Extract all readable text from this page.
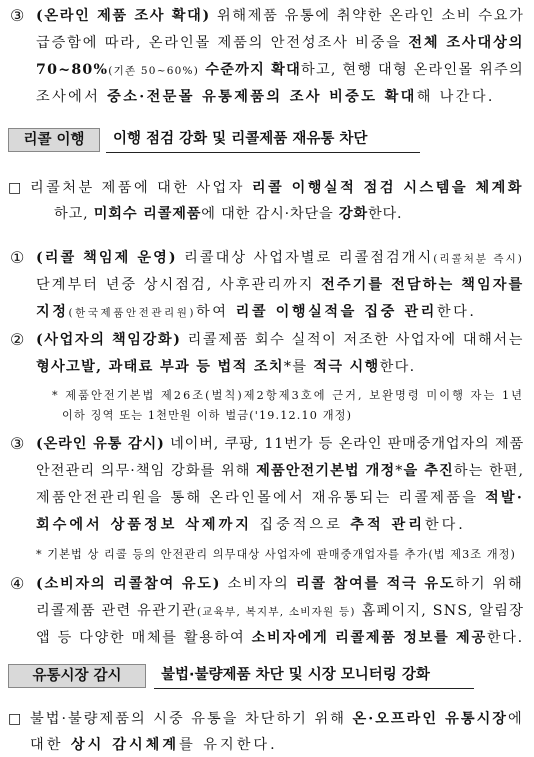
③ (온라인 제품 조사 확대) 위해제품 유통에 취약한 온라인 소비 수요가
급증함에 따라, 온라인몰 제품의 안전성조사 비중을 전체 조사대상의
70~80%(기존 50~60%) 수준까지 확대하고, 현행 대형 온라인몰 위주의
조사에서 중소·전문몰 유통제품의 조사 비중도 확대해 나간다.
리콜 이행	이행 점검 강화 및 리콜제품 재유통 차단
□ 리콜처분 제품에 대한 사업자 리콜 이행실적 점검 시스템을 체계화
하고, 미회수 리콜제품에 대한 감시·차단을 강화한다.
① (리콜 책임제 운영) 리콜대상 사업자별로 리콜점검개시(리콜처분 즉시)
단계부터 년중 상시점검, 사후관리까지 전주기를 전담하는 책임자를
지정(한국제품안전관리원)하여 리콜 이행실적을 집중 관리한다.
② (사업자의 책임강화) 리콜제품 회수 실적이 저조한 사업자에 대해서는
형사고발, 과태료 부과 등 법적 조치*를 적극 시행한다.
* 제품안전기본법 제26조(벌칙)제2항제3호에 근거, 보완명령 미이행 자는 1년
이하 징역 또는 1천만원 이하 벌금('19.12.10 개정)
③ (온라인 유통 감시) 네이버, 쿠팡, 11번가 등 온라인 판매중개업자의 제품
안전관리 의무·책임 강화를 위해 제품안전기본법 개정*을 추진하는 한편,
제품안전관리원을 통해 온라인몰에서 재유통되는 리콜제품을 적발·
회수에서 상품정보 삭제까지 집중적으로 추적 관리한다.
* 기본법 상 리콜 등의 안전관리 의무대상 사업자에 판매중개업자를 추가(법 제3조 개정)
④ (소비자의 리콜참여 유도) 소비자의 리콜 참여를 적극 유도하기 위해
리콜제품 관련 유관기관(교육부, 복지부, 소비자원 등) 홈페이지, SNS, 알림장
앱 등 다양한 매체를 활용하여 소비자에게 리콜제품 정보를 제공한다.
유통시장 감시	불법·불량제품 차단 및 시장 모니터링 강화
□ 불법·불량제품의 시중 유통을 차단하기 위해 온·오프라인 유통시장에
대한 상시 감시체계를 유지한다.
